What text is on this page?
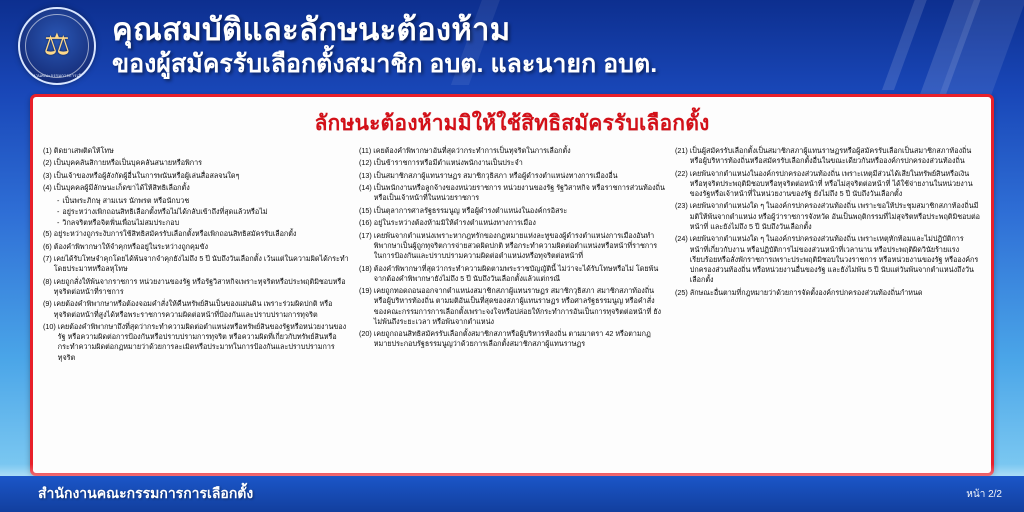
⚖
สำนักงานคณะกรรมการการเลือกตั้ง
คุณสมบัติและลักษนะต้องห้าม
ของผู้สมัครรับเลือกตั้งสมาชิก อบต. และนายก อบต.
ลักษนะต้องห้ามมิให้ใช้สิทธิสมัครรับเลือกตั้ง
(1) ติดยาเสพติดให้โทษ
(2) เป็นบุคคลันสิกายหรือเป็นบุคคลันสนายหรือพิการ
(3) เป็นเจ้าของหรือผู้สังกัดผู้อื่นในการพนันหรือผู้เล่นสื่อสลจนใดๆ
(4) เป็นบุคคลผู้มีลักษนะเก็ดขาได้ให้สิทธิเลือกตั้ง
- เป็นพระภิกษุ สามเนร นักพรต หรือนักบวช
- อยู่ระหว่างเพิกถอนสิทธิเลือกตั้งหรือไม่ได้กลับเข้าถึงที่สุดแล้วหรือไม่
- วิกลจริตหรือจิตฟั่นเพื่อนไม่สมประกอบ
(5) อยู่ระหว่างถูกระงับการใช้สิทธิสมัครรับเลือกตั้งหรือเพิกถอนสิทธิสมัครรับเลือกตั้ง
(6) ต้องคำพิพากษาให้จำคุกหรืออยู่ในระหว่างถูกคุมขัง
(7) เคยได้รับโทษจำคุกโดยได้พ้นจากจำคุกยังไม่ถึง 5 ปี นับถึงวันเลือกตั้ง เว้นแต่ในความผิดได้กระทำโดยประมาทหรือลหุโทษ
(8) เคยถูกสั่งให้พ้นจากราชการ หน่วยงานของรัฐ หรือรัฐวิสาหกิจเพราะทุจริตหรือประพฤติมิชอบหรือทุจริตต่อหน้าที่ราชการ
(9) เคยต้องคำพิพากษาหรือต้องจอมคำสั่งให้คืนทรัพย์สินเป็นของแผ่นดิน เพราะร่วมผิดปกติ หรือทุจริตต่อหน้าที่สูงได้หรือพระราชการความผิดต่อหน้าที่ป้องกันและปราบปรามการทุจริต
(10) เคยต้องคำพิพากษาถึงที่สุดว่ากระทำความผิดต่อตำแหน่งหรือทรัพย์สินของรัฐหรือหน่วยงานของรัฐ หรือความผิดต่อการป้องกันหรือปราบปรามการทุจริต หรือความผิดที่เกี่ยวกับทรัพย์สินหรือกระทำความผิดต่อกฏหมายว่าด้วยการละเมิดหรือประมาทในการป้องกันและปราบปรามการทุจริต
(11) เคยต้องคำพิพากษาอันที่สุดว่ากระทำการเป็นทุจริตในการเลือกตั้ง
(12) เป็นข้าราชการหรือมีตำแหน่งพนักงานเป็นประจำ
(13) เป็นสมาชิกสภาผู้แทนราษฏร สมาชิกวุธิสภา หรือผู้ดำรงตำแหน่งทางการเมืองอื่น
(14) เป็นพนักงานหรือลูกจ้างของหน่วยราชการ หน่วยงานของรัฐ รัฐวิสาหกิจ หรือราชการส่วนท้องถิ่น หรือเป็นเจ้าหน้าที่ในหน่วยราชการ
(15) เป็นตุลาการศาลรัฐธรรมนูญ หรือผู้ดำรงตำแหน่งในองค์กรอิสระ
(16) อยู่ในระหว่างต้องห้ามมิให้ดำรงตำแหน่งทางการเมือง
(17) เคยพ้นจากตำแหน่งเพราะหากฎทรักของกฏหมายแห่งละทูของผู้ดำรงตำแหน่งการเมืองอันทำพิพากษาเป็นผู้ถูกทุจริตการจ่ายสวดผิดปกติ หรือกระทำความผิดต่อตำแหน่งหรือหน้าที่ราชการในการป้องกันและปราบปรามความผิดต่อตำแหน่งหรือทุจริตต่อหน้าที่
(18) ต้องคำพิพากษาที่สุดว่ากระทำความผิดตามพระราชบัญญัตินี้ ไม่ว่าจะได้รับโทษหรือไม่ โดยพ้นจากต้องคำพิพากษายังไม่ถึง 5 ปี นับถึงวันเลือกตั้งแล้วแต่กรณี
(19) เคยถูกทอดถอนออกจากตำแหน่งสมาชิกสภาผู้แทนราษฏร สมาชิกวุธิสภา สมาชิกสภาท้องถิ่น หรือผู้บริหารท้องถิ่น ตามมติอันเป็นที่สุดของสภาผู้แทนราษฏร หรือศาลรัฐธรรมนูญ หรือคำสั่งของคณะกรรมการการเลือกตั้งเพราะจงใจหรือปล่อยให้กระทำการอันเป็นการทุจริตต่อหน้าที่ ยังไม่พ้นถึงระยะเวลา หรือพ้นจากตำแหน่ง
(20) เคยถูกถอนสิทธิสมัครรับเลือกตั้งสมาชิกสภาหรือผู้บริหารท้องถิ่น ตามมาตรา 42 หรือตามกฏหมายประกอบรัฐธรรมนูญว่าด้วยการเลือกตั้งสมาชิกสภาผู้แทนราษฏร
(21) เป็นผู้สมัครรับเลือกตั้งเป็นสมาชิกสภาผู้แทนราษฏรหรือผู้สมัครรับเลือกเป็นสมาชิกสภาท้องถิ่นหรือผู้บริหารท้องถิ่นหรือสมัครรับเลือกตั้งอื่นในขณะเดียวกันหรือองค์กรปกครองส่วนท้องถิ่น
(22) เคยพ้นจากตำแหน่งในองค์กรปกครองส่วนท้องถิ่น เพราะเหตุมีส่วนได้เสียในทรัพย์สินหรือเงินหรือทุจริตประพฤติมิชอบหรือทุจริตต่อหน้าที่ หรือไม่สุจริตต่อหน้าที่ ได้ใช้จ่ายงานในหน่วยงานของรัฐหรือเจ้าหน้าที่ในหน่วยงานของรัฐ ยังไม่ถึง 5 ปี นับถึงวันเลือกตั้ง
(23) เคยพ้นจากตำแหน่งใด ๆ ในองค์กรปกครองส่วนท้องถิ่น เพราะขอให้ประชุมสมาชิกสภาท้องถิ่นมีมติให้พ้นจากตำแหน่ง หรือผู้ว่าราชการจังหวัด อันเป็นพฤติกรรมที่ไม่สุจริตหรือประพฤติมิชอบต่อหน้าที่ และยังไม่ถึง 5 ปี นับถึงวันเลือกตั้ง
(24) เคยพ้นจากตำแหน่งใด ๆ ในองค์กรปกครองส่วนท้องถิ่น เพราะเหตุทักท้อมและไม่ปฏิบัติการหน้าที่เกี่ยวกับงาน หรือปฏิบัติการไม่ของส่วนหน้าที่เวลานาน หรือประพฤติผิดวินัยร้ายแรง เรียบร้อยหรือสั่งพักราชการเพราะประพฤติมิชอบในวงราชการ หรือหน่วยงานของรัฐ หรือองค์กรปกครองส่วนท้องถิ่น หรือหน่วยงานอื่นของรัฐ และยังไม่พ้น 5 ปี นับแต่วันพ้นจากตำแหน่งถึงวันเลือกตั้ง
(25) ลักษณะอื่นตามที่กฎหมายว่าด้วยการจัดตั้งองค์กรปกครองส่วนท้องถิ่นกำหนด
สำนักงานคณะกรรมการการเลือกตั้ง	หน้า 2/2
